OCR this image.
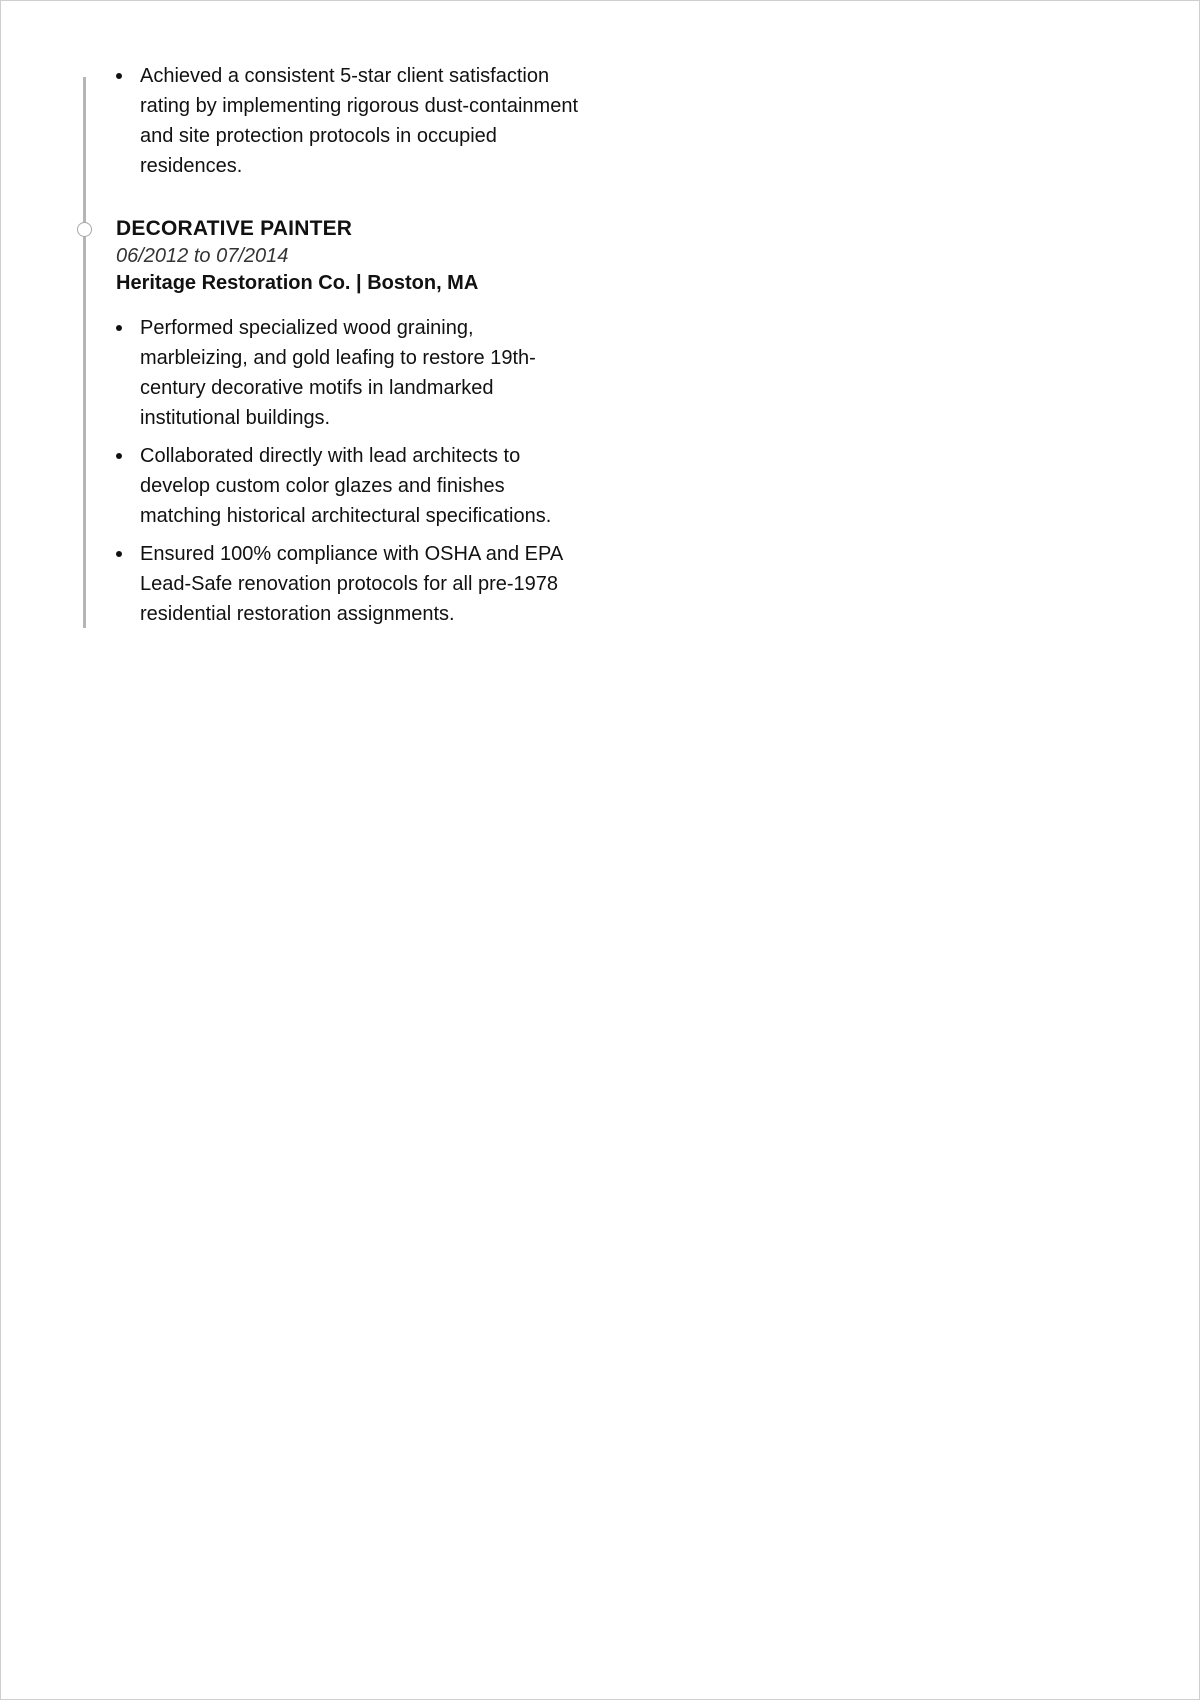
Achieved a consistent 5-star client satisfaction rating by implementing rigorous dust-containment and site protection protocols in occupied residences.
DECORATIVE PAINTER
06/2012 to 07/2014
Heritage Restoration Co. | Boston, MA
Performed specialized wood graining, marbleizing, and gold leafing to restore 19th-century decorative motifs in landmarked institutional buildings.
Collaborated directly with lead architects to develop custom color glazes and finishes matching historical architectural specifications.
Ensured 100% compliance with OSHA and EPA Lead-Safe renovation protocols for all pre-1978 residential restoration assignments.
